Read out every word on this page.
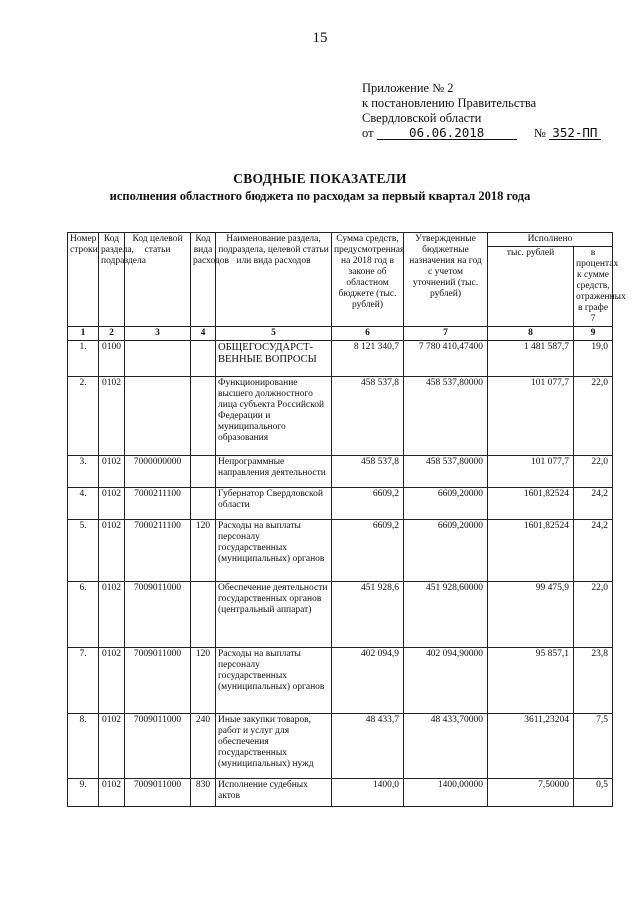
15
Приложение № 2
к постановлению Правительства
Свердловской области
от	06.06.2018	№ 352-ПП
СВОДНЫЕ ПОКАЗАТЕЛИ
исполнения областного бюджета по расходам за первый квартал 2018 года
Номер строки	Код раздела, подраздела	Код целевой статьи	Код вида расходов	Наименование раздела, подраздела, целевой статьи или вида расходов	Сумма средств, предусмотренная на 2018 год в законе об областном бюджете (тыс. рублей)	Утвержденные бюджетные назначения на год с учетом уточнений (тыс. рублей)	Исполнено	
							тыс. рублей	в процентах к сумме средств, отраженных в графе 7
1	2	3	4	5	6	7	8	9
1.	0100			ОБЩЕГОСУДАРСТ-ВЕННЫЕ ВОПРОСЫ	8 121 340,7	7 780 410,47400	1 481 587,7	19,0
2.	0102			Функционирование высшего должностного лица субъекта Российской Федерации и муниципального образования	458 537,8	458 537,80000	101 077,7	22,0
3.	0102	7000000000		Непрограммные направления деятельности	458 537,8	458 537,80000	101 077,7	22,0
4.	0102	7000211100		Губернатор Свердловской области	6609,2	6609,20000	1601,82524	24,2
5.	0102	7000211100	120	Расходы на выплаты персоналу государственных (муниципальных) органов	6609,2	6609,20000	1601,82524	24,2
6.	0102	7009011000		Обеспечение деятельности государственных органов (центральный аппарат)	451 928,6	451 928,60000	99 475,9	22,0
7.	0102	7009011000	120	Расходы на выплаты персоналу государственных (муниципальных) органов	402 094,9	402 094,90000	95 857,1	23,8
8.	0102	7009011000	240	Иные закупки товаров, работ и услуг для обеспечения государственных (муниципальных) нужд	48 433,7	48 433,70000	3611,23204	7,5
9.	0102	7009011000	830	Исполнение судебных актов	1400,0	1400,00000	7,50000	0,5
